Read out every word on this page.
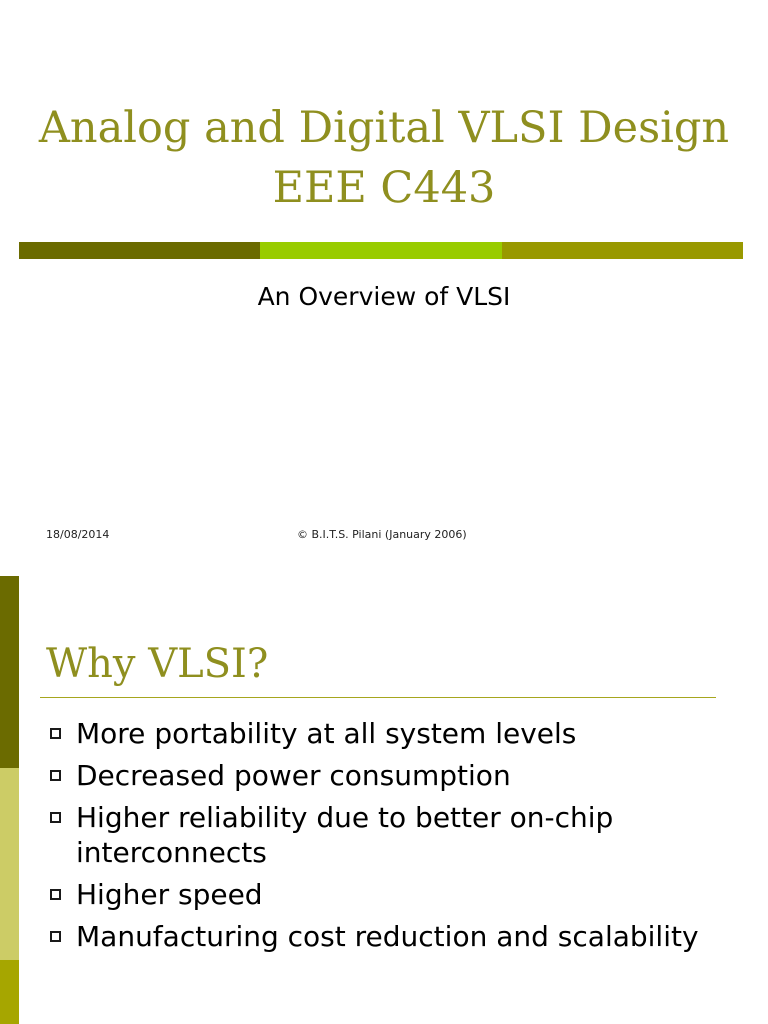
Analog and Digital VLSI Design
EEE C443
An Overview of VLSI
18/08/2014	© B.I.T.S. Pilani (January 2006)
Why VLSI?
More portability at all system levels
Decreased power consumption
Higher reliability due to better on-chip interconnects
Higher speed
Manufacturing cost reduction and scalability
